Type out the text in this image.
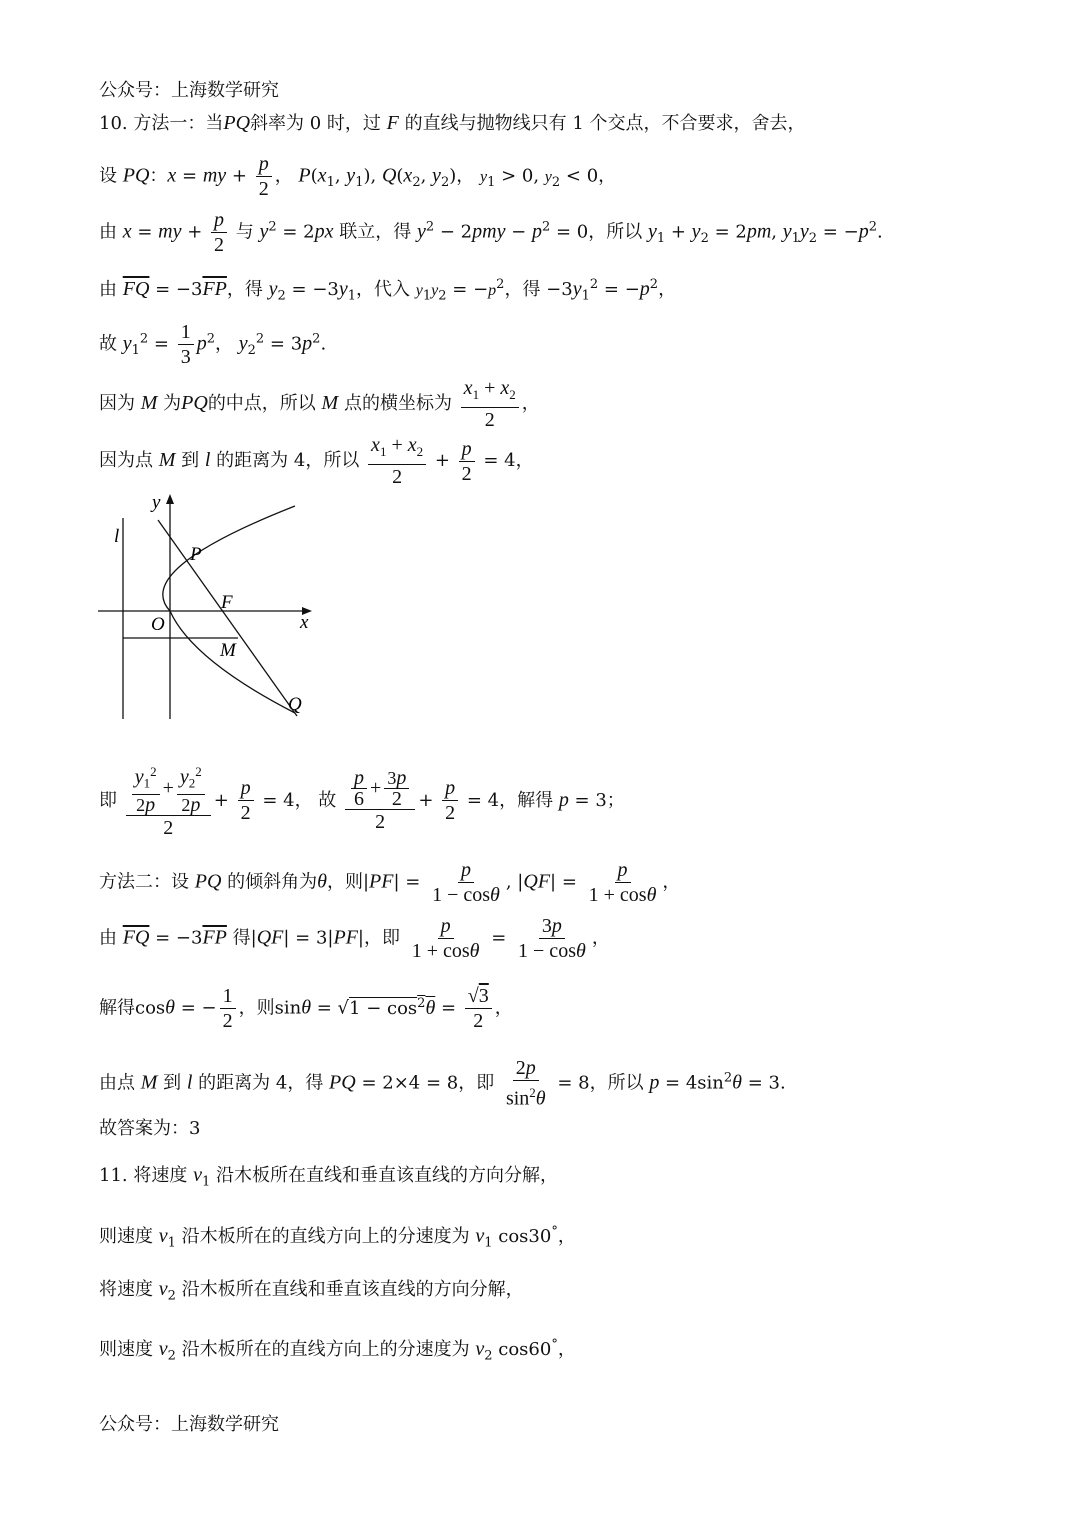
公众号：上海数学研究
10. 方法一：当PQ斜率为 0 时，过 F 的直线与抛物线只有 1 个交点，不合要求，舍去，
设 PQ：x = my + $\frac{p}{2}$ ， $P(x_1$, $y_1$), $Q(x_2$, $y_2$)， $y_1 > 0$, $y_2 < 0$，
由 x = my + $\frac{p}{2}$ 与 $y^2 = 2px$ 联立，得 $y^2 - 2pmy - p^2 = 0$，所以 $y_1 + y_2 = 2pm$, $y_1y_2 = -p^2$.
由 $\overline{FQ} = -3\overline{FP}$，得 $y_2 = -3y_1$，代入 $y_1y_2 = -p^2$，得 $-3y_1^2 = -p^2$，
故 $y_1^2 = \frac{1}{3} p^2$， $y_2^2 = 3p^2$.
因为 M 为PQ的中点，所以 M 点的横坐标为 $\frac{x_1 + x_2}{2}$ ，
因为点 M 到 l 的距离为 4，所以 $\frac{x_1 + x_2}{2} + \frac{p}{2} = 4$，
y
x
l
P
F
O
M
Q
即 $\frac{\frac{y_1^2}{2p} + \frac{y_2^2}{2p}}{2} + \frac{p}{2} = 4$， 故 $\frac{\frac{p}{6} + \frac{3p}{2}}{2} + \frac{p}{2} = 4$，解得 p = 3；
方法二：设 PQ 的倾斜角为θ，则$|PF| = \frac{p}{1 - \cos\theta}$ , $|QF| = \frac{p}{1 + \cos\theta}$ ，
由 $\overline{FQ} = -3\overline{FP}$ 得|QF| = 3|PF|，即 $\frac{p}{1 + \cos\theta} = \frac{3p}{1 - \cos\theta}$ ，
解得cosθ = − $\frac{1}{2}$ ，则$\sin\theta = √1 - \cos^2\theta = \frac{√3}{2}$ ，
由点 M 到 l 的距离为 4，得 PQ = 2×4 = 8，即 $\frac{2p}{\sin^2\theta} = 8$，所以 $p = 4\sin^2\theta = 3$.
故答案为：3
11. 将速度 $v_1$ 沿木板所在直线和垂直该直线的方向分解，
则速度 $v_1$ 沿木板所在的直线方向上的分速度为 $v_1$ cos30°，
将速度 $v_2$ 沿木板所在直线和垂直该直线的方向分解，
则速度 $v_2$ 沿木板所在的直线方向上的分速度为 $v_2$ cos60°，
公众号：上海数学研究
